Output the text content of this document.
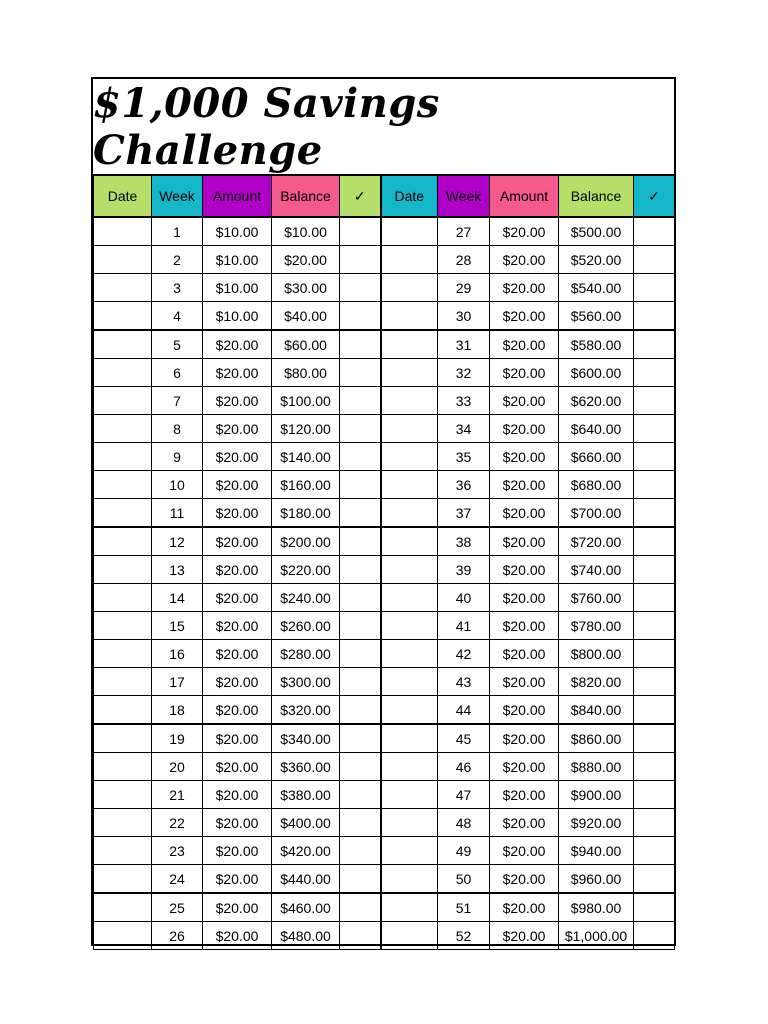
$1,000 Savings Challenge
Date	Week	Amount	Balance	✓	Date	Week	Amount	Balance	✓
	1	$10.00	$10.00			27	$20.00	$500.00	
	2	$10.00	$20.00			28	$20.00	$520.00	
	3	$10.00	$30.00			29	$20.00	$540.00	
	4	$10.00	$40.00			30	$20.00	$560.00	
	5	$20.00	$60.00			31	$20.00	$580.00	
	6	$20.00	$80.00			32	$20.00	$600.00	
	7	$20.00	$100.00			33	$20.00	$620.00	
	8	$20.00	$120.00			34	$20.00	$640.00	
	9	$20.00	$140.00			35	$20.00	$660.00	
	10	$20.00	$160.00			36	$20.00	$680.00	
	11	$20.00	$180.00			37	$20.00	$700.00	
	12	$20.00	$200.00			38	$20.00	$720.00	
	13	$20.00	$220.00			39	$20.00	$740.00	
	14	$20.00	$240.00			40	$20.00	$760.00	
	15	$20.00	$260.00			41	$20.00	$780.00	
	16	$20.00	$280.00			42	$20.00	$800.00	
	17	$20.00	$300.00			43	$20.00	$820.00	
	18	$20.00	$320.00			44	$20.00	$840.00	
	19	$20.00	$340.00			45	$20.00	$860.00	
	20	$20.00	$360.00			46	$20.00	$880.00	
	21	$20.00	$380.00			47	$20.00	$900.00	
	22	$20.00	$400.00			48	$20.00	$920.00	
	23	$20.00	$420.00			49	$20.00	$940.00	
	24	$20.00	$440.00			50	$20.00	$960.00	
	25	$20.00	$460.00			51	$20.00	$980.00	
	26	$20.00	$480.00			52	$20.00	$1,000.00	
